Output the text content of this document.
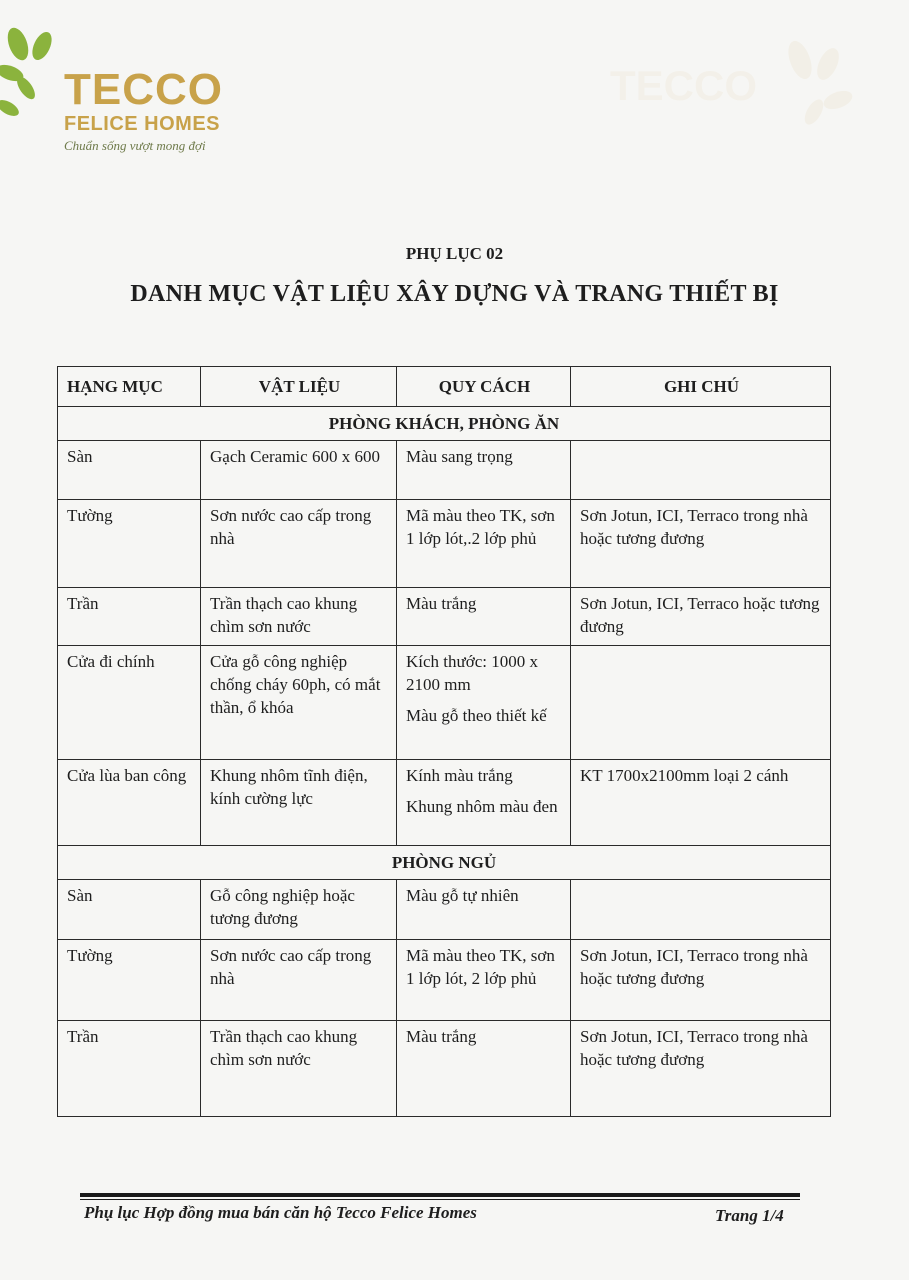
TECCO
FELICE HOMES
Chuẩn sống vượt mong đợi
TECCO
PHỤ LỤC 02
DANH MỤC VẬT LIỆU XÂY DỰNG VÀ TRANG THIẾT BỊ
HẠNG MỤC	VẬT LIỆU	QUY CÁCH	GHI CHÚ
PHÒNG KHÁCH, PHÒNG ĂN			
Sàn	Gạch Ceramic 600 x 600	Màu sang trọng	

Tường	Sơn nước cao cấp trong nhà	Mã màu theo TK, sơn 1 lớp lót,.2 lớp phủ	Sơn Jotun, ICI, Terraco trong nhà hoặc tương đương
Trần	Trần thạch cao khung chìm sơn nước	Màu trắng	Sơn Jotun, ICI, Terraco hoặc tương đương
Cửa đi chính	Cửa gỗ công nghiệp chống cháy 60ph, có mắt thần, ổ khóa	Kích thước: 1000 x 2100 mm

Màu gỗ theo thiết kế	

Cửa lùa ban công	Khung nhôm tĩnh điện, kính cường lực	Kính màu trắng

Khung nhôm màu đen	KT 1700x2100mm loại 2 cánh
PHÒNG NGỦ			
Sàn	Gỗ công nghiệp hoặc tương đương	Màu gỗ tự nhiên	

Tường	Sơn nước cao cấp trong nhà	Mã màu theo TK, sơn 1 lớp lót, 2 lớp phủ	Sơn Jotun, ICI, Terraco trong nhà hoặc tương đương
Trần	Trần thạch cao khung chìm sơn nước	Màu trắng	Sơn Jotun, ICI, Terraco trong nhà hoặc tương đương
Phụ lục Hợp đồng mua bán căn hộ Tecco Felice Homes	Trang 1/4
